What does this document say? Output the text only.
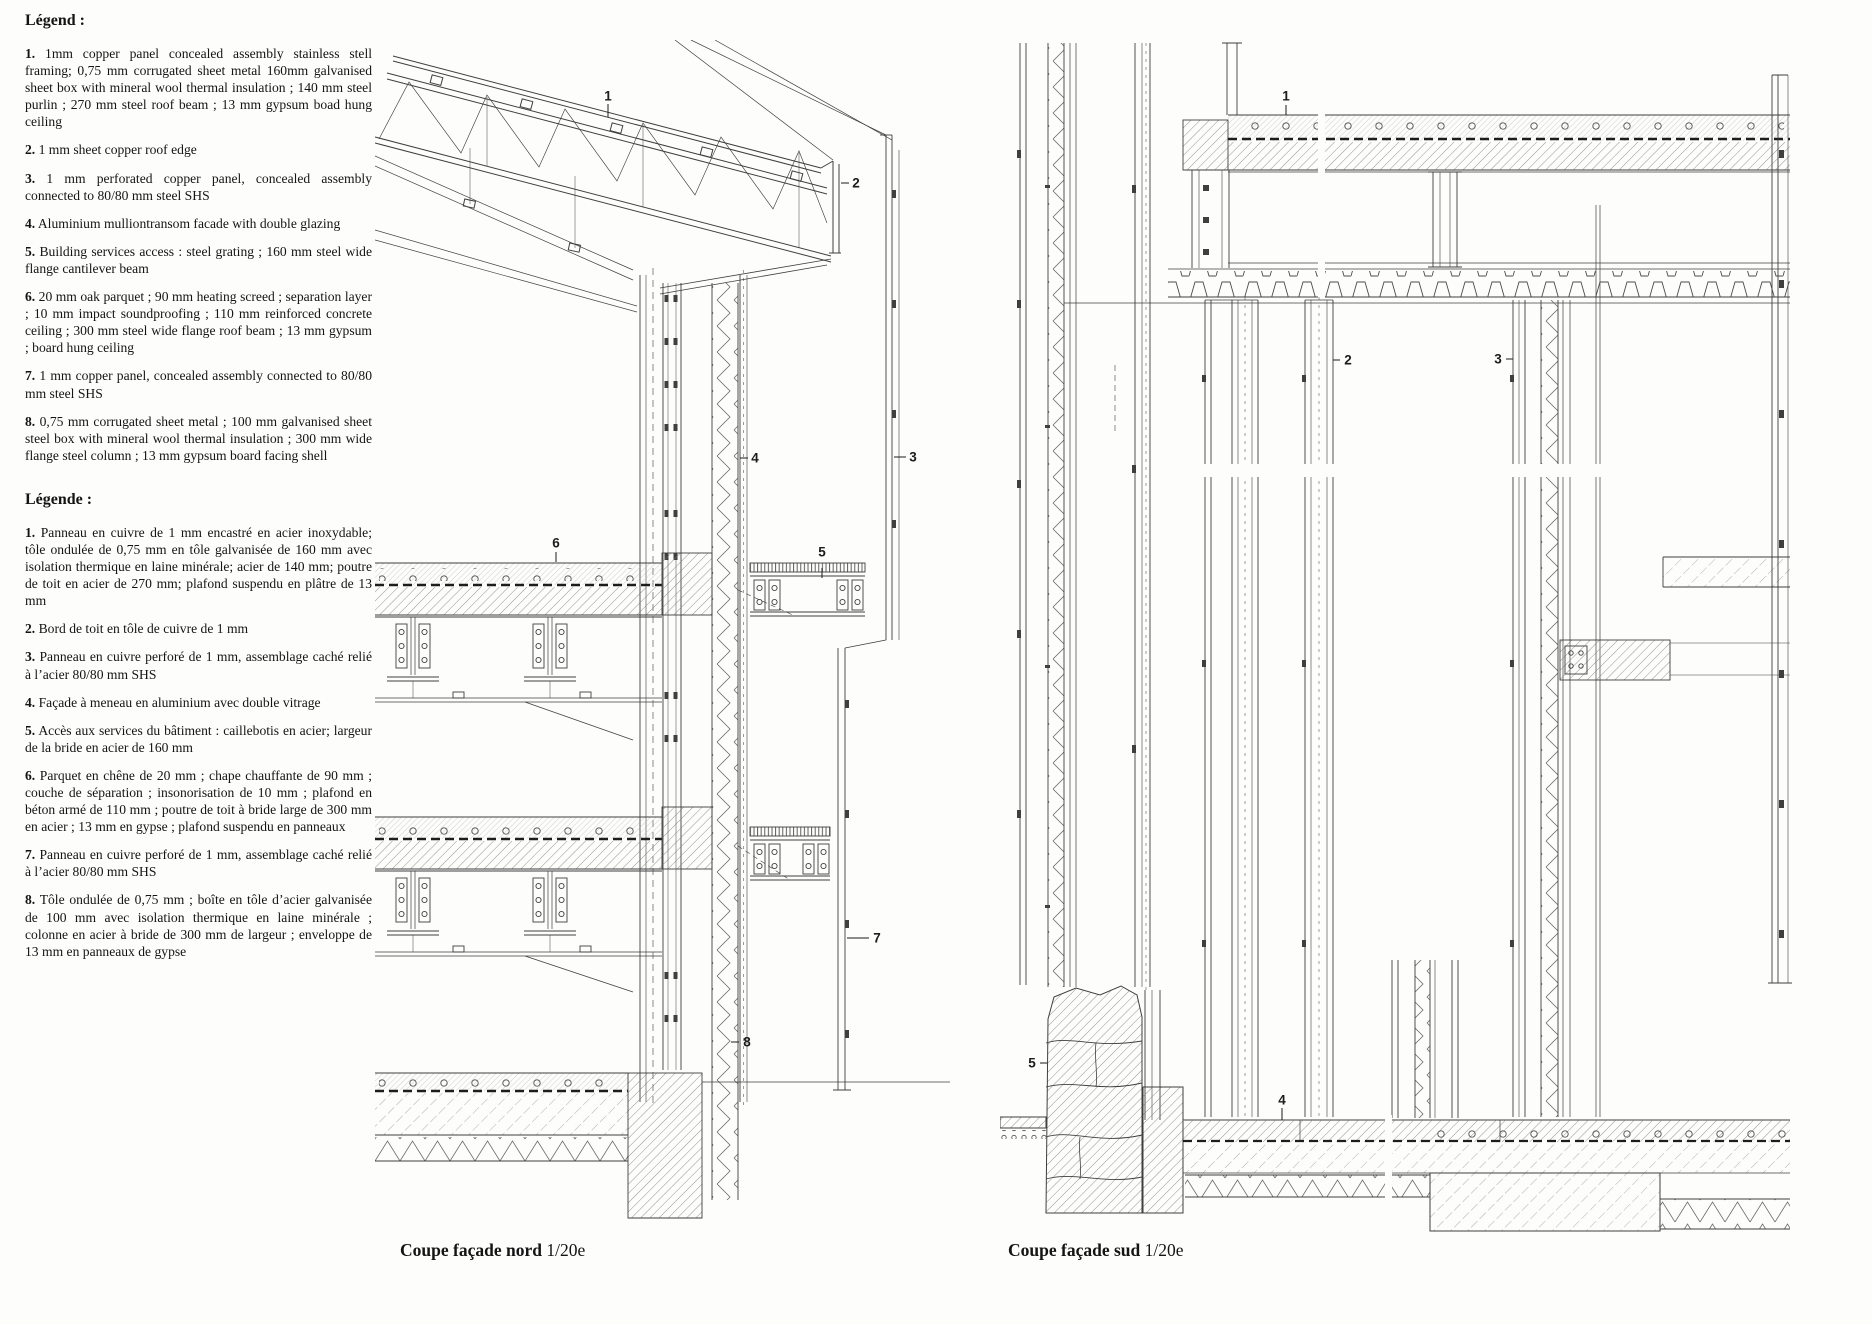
Légend :

1. 1mm copper panel concealed assembly stainless stell framing; 0,75 mm corrugated sheet metal 160mm galvanised sheet box with mineral wool thermal insulation ; 140 mm steel purlin ; 270 mm steel roof beam ; 13 mm gypsum boad hung ceiling

2. 1 mm sheet copper roof edge

3. 1 mm perforated copper panel, concealed assembly connected to 80/80 mm steel SHS

4. Aluminium mulliontransom facade with double glazing

5. Building services access : steel grating ; 160 mm steel wide flange cantilever beam

6. 20 mm oak parquet ; 90 mm heating screed ; separation layer ; 10 mm impact soundproofing ; 110 mm reinforced concrete ceiling ; 300 mm steel wide flange roof beam ; 13 mm gypsum ; board hung ceiling

7. 1 mm copper panel, concealed assembly connected to 80/80 mm steel SHS

8. 0,75 mm corrugated sheet metal ; 100 mm galvanised sheet steel box with mineral wool thermal insulation ; 300 mm wide flange steel column ; 13 mm gypsum board facing shell

Légende :

1. Panneau en cuivre de 1 mm encastré en acier inoxydable; tôle ondulée de 0,75 mm en tôle galvanisée de 160 mm avec isolation thermique en laine minérale; acier de 140 mm; poutre de toit en acier de 270 mm; plafond suspendu en plâtre de 13 mm

2. Bord de toit en tôle de cuivre de 1 mm

3. Panneau en cuivre perforé de 1 mm, assemblage caché relié à l’acier 80/80 mm SHS

4. Façade à meneau en aluminium avec double vitrage

5. Accès aux services du bâtiment : caillebotis en acier; largeur de la bride en acier de 160 mm

6. Parquet en chêne de 20 mm ; chape chauffante de 90 mm ; couche de séparation ; insonorisation de 10 mm ; plafond en béton armé de 110 mm ; poutre de toit à bride large de 300 mm en acier ; 13 mm en gypse ; plafond suspendu en panneaux

7. Panneau en cuivre perforé de 1 mm, assemblage caché relié à l’acier 80/80 mm SHS

8. Tôle ondulée de 0,75 mm ; boîte en tôle d’acier galvanisée de 100 mm avec isolation thermique en laine minérale ; colonne en acier à bride de 300 mm de largeur ; enveloppe de 13 mm en panneaux de gypse

1
2
3
4
5
6
7
8
1
2	3
4
5
Coupe façade nord 1/20e	Coupe façade sud 1/20e
